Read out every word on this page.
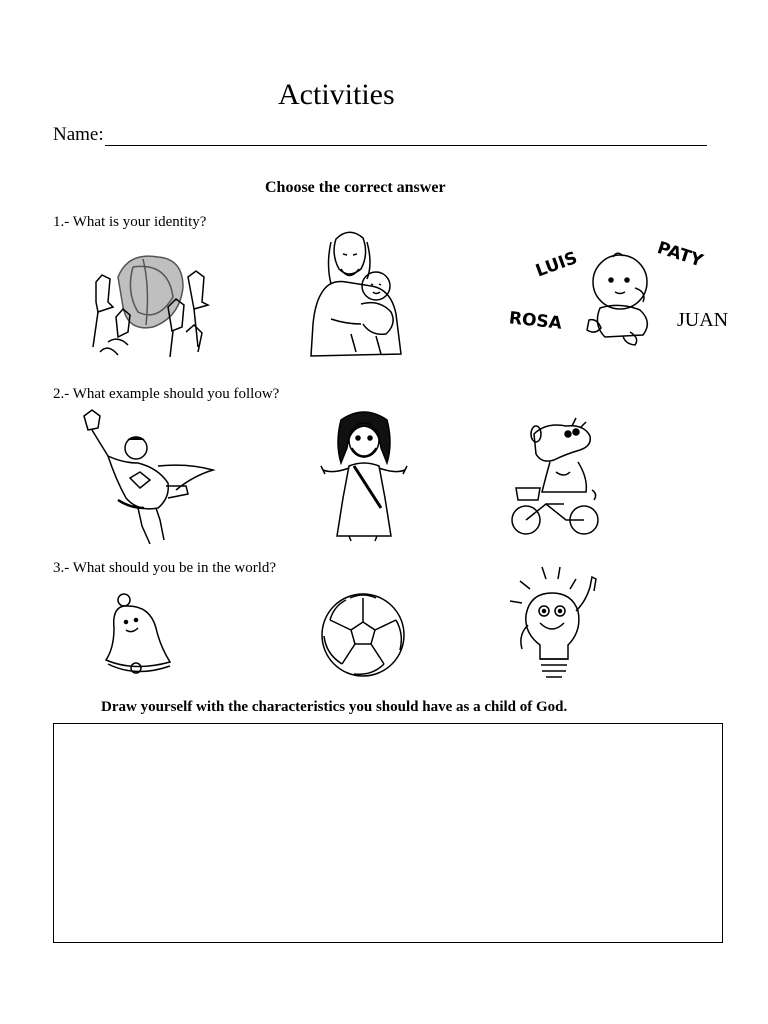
Activities
Name:
Choose the correct answer
1.- What is your identity?
2.- What example should you follow?
3.- What should you be in the world?
LUIS	PATY
ROSA	JUAN
Draw yourself with the characteristics you should have as a child of God.
